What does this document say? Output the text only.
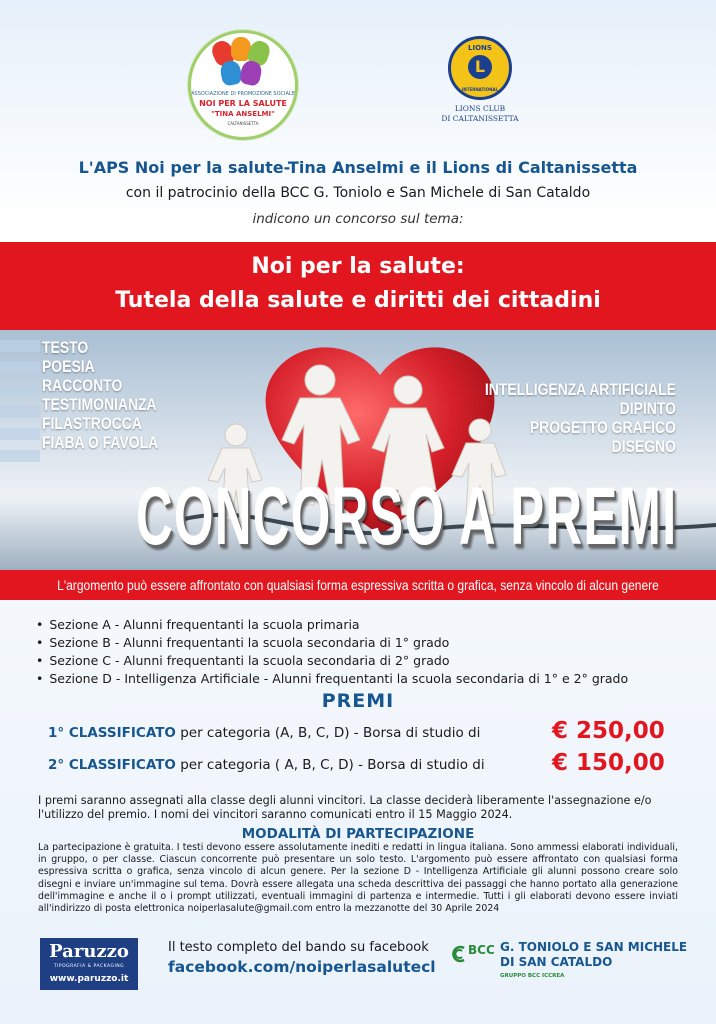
ASSOCIAZIONE DI PROMOZIONE SOCIALE
NOI PER LA SALUTE
"TINA ANSELMI"
CALTANISSETTA
LIONS
L
INTERNATIONAL
LIONS CLUB
DI CALTANISSETTA
L'APS Noi per la salute-Tina Anselmi e il Lions di Caltanissetta
con il patrocinio della BCC G. Toniolo e San Michele di San Cataldo
indicono un concorso sul tema:
Noi per la salute:
Tutela della salute e diritti dei cittadini
TESTO
POESIA
RACCONTO
TESTIMONIANZA
FILASTROCCA
FIABA O FAVOLA
INTELLIGENZA ARTIFICIALE
DIPINTO
PROGETTO GRAFICO
DISEGNO
CONCORSO A PREMI
L'argomento può essere affrontato con qualsiasi forma espressiva scritta o grafica, senza vincolo di alcun genere
• Sezione A - Alunni frequentanti la scuola primaria
• Sezione B - Alunni frequentanti la scuola secondaria di 1° grado
• Sezione C - Alunni frequentanti la scuola secondaria di 2° grado
• Sezione D - Intelligenza Artificiale - Alunni frequentanti la scuola secondaria di 1° e 2° grado
PREMI
1° CLASSIFICATO per categoria (A, B, C, D) - Borsa di studio di	€ 250,00
2° CLASSIFICATO per categoria ( A, B, C, D) - Borsa di studio di	€ 150,00
I premi saranno assegnati alla classe degli alunni vincitori. La classe deciderà liberamente l'assegnazione e/o l'utilizzo del premio. I nomi dei vincitori saranno comunicati entro il 15 Maggio 2024.
MODALITÀ DI PARTECIPAZIONE
La partecipazione è gratuita. I testi devono essere assolutamente inediti e redatti in lingua italiana. Sono ammessi elaborati individuali, in gruppo, o per classe. Ciascun concorrente può presentare un solo testo. L'argomento può essere affrontato con qualsiasi forma espressiva scritta o grafica, senza vincolo di alcun genere. Per la sezione D - Intelligenza Artificiale gli alunni possono creare solo disegni e inviare un'immagine sul tema. Dovrà essere allegata una scheda descrittiva dei passaggi che hanno portato alla generazione dell'immagine e anche il o i prompt utilizzati, eventuali immagini di partenza e intermedie. Tutti i gli elaborati devono essere inviati all'indirizzo di posta elettronica noiperlasalute@gmail.com entro la mezzanotte del 30 Aprile 2024
Paruzzo
TIPOGRAFIA & PACKAGING
www.paruzzo.it
Il testo completo del bando su facebook
facebook.com/noiperlasalutecl
BCC G. TONIOLO E SAN MICHELE
DI SAN CATALDO
GRUPPO BCC ICCREA
